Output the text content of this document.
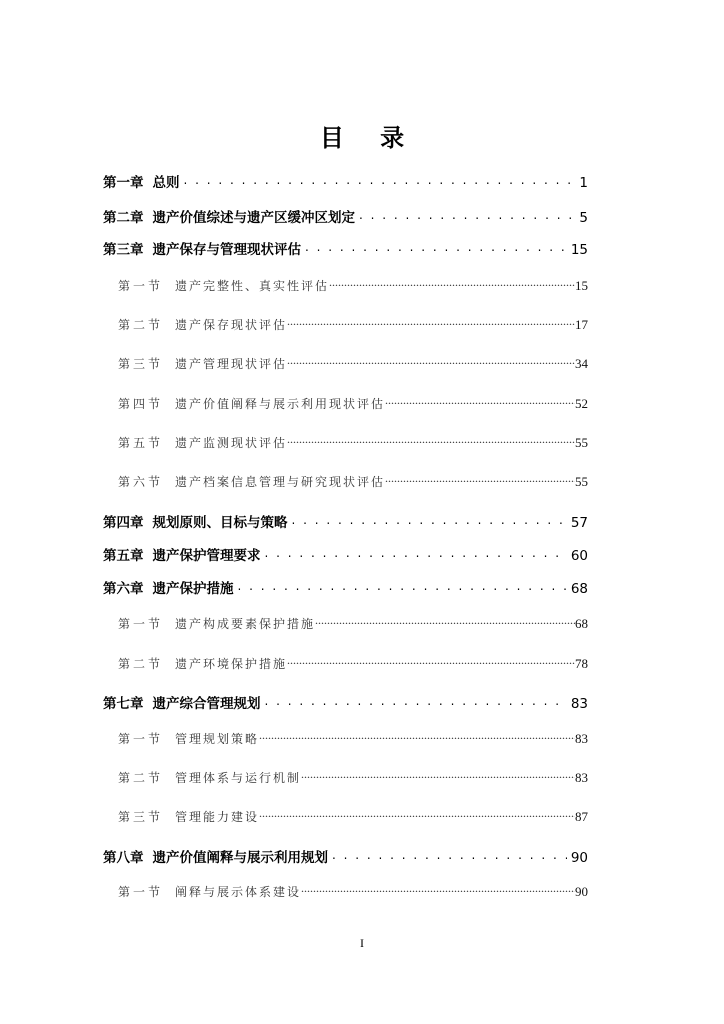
目 录
第一章 总则 . . .	1
第二章 遗产价值综述与遗产区缓冲区划定 . . .	5
第三章 遗产保存与管理现状评估 . . .	15
第一节 遗产完整性、真实性评估 .....	15
第二节 遗产保存现状评估 .....	17
第三节 遗产管理现状评估 .....	34
第四节 遗产价值阐释与展示利用现状评估 .....	52
第五节 遗产监测现状评估 .....	55
第六节 遗产档案信息管理与研究现状评估 .....	55
第四章 规划原则、目标与策略 . . .	57
第五章 遗产保护管理要求 . . .	60
第六章 遗产保护措施 . . .	68
第一节 遗产构成要素保护措施 .....	68
第二节 遗产环境保护措施 .....	78
第七章 遗产综合管理规划 . . .	83
第一节 管理规划策略 .....	83
第二节 管理体系与运行机制 .....	83
第三节 管理能力建设 .....	87
第八章 遗产价值阐释与展示利用规划 . . .	90
第一节 阐释与展示体系建设 .....	90
I
